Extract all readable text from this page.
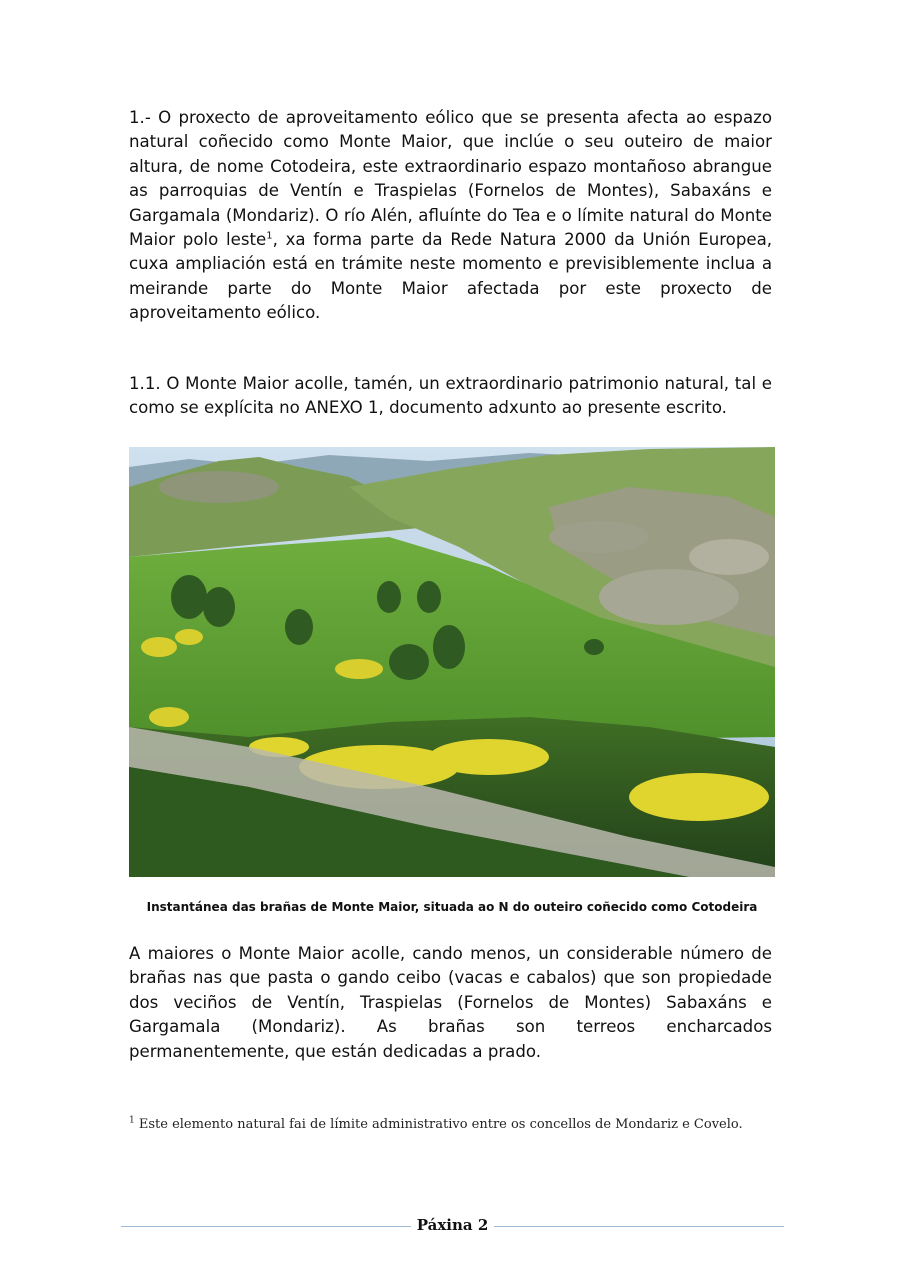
1.- O proxecto de aproveitamento eólico que se presenta afecta ao espazo natural coñecido como Monte Maior, que inclúe o seu outeiro de maior altura, de nome Cotodeira, este extraordinario espazo montañoso abrangue as parroquias de Ventín e Traspielas (Fornelos de Montes), Sabaxáns e Gargamala (Mondariz). O río Alén, afluínte do Tea e o límite natural do Monte Maior polo leste$^1$, xa forma parte da Rede Natura 2000 da Unión Europea, cuxa ampliación está en trámite neste momento e previsiblemente inclua a meirande parte do Monte Maior afectada por este proxecto de aproveitamento eólico.

1.1. O Monte Maior acolle, tamén, un extraordinario patrimonio natural, tal e como se explícita no ANEXO 1, documento adxunto ao presente escrito.

Instantánea das brañas de Monte Maior, situada ao N do outeiro coñecido como Cotodeira

A maiores o Monte Maior acolle, cando menos, un considerable número de brañas nas que pasta o gando ceibo (vacas e cabalos) que son propiedade dos veciños de Ventín, Traspielas (Fornelos de Montes) Sabaxáns e Gargamala (Mondariz). As brañas son terreos encharcados permanentemente, que están dedicadas a prado.

$^1$ Este elemento natural fai de límite administrativo entre os concellos de Mondariz e Covelo.
Páxina 2
